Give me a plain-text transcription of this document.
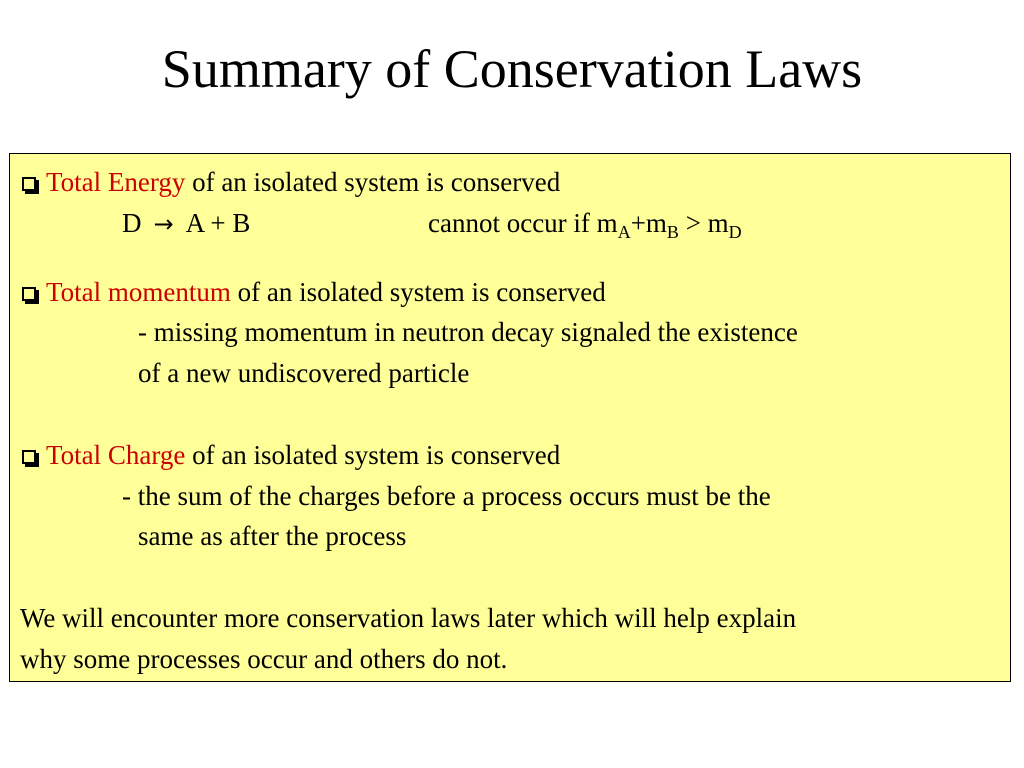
Summary of Conservation Laws
Total Energy of an isolated system is conserved
D → A + B	cannot occur if $m_A+m_B > m_D$
Total momentum of an isolated system is conserved
- missing momentum in neutron decay signaled the existence
of a new undiscovered particle
Total Charge of an isolated system is conserved
- the sum of the charges before a process occurs must be the
same as after the process
We will encounter more conservation laws later which will help explain
why some processes occur and others do not.
